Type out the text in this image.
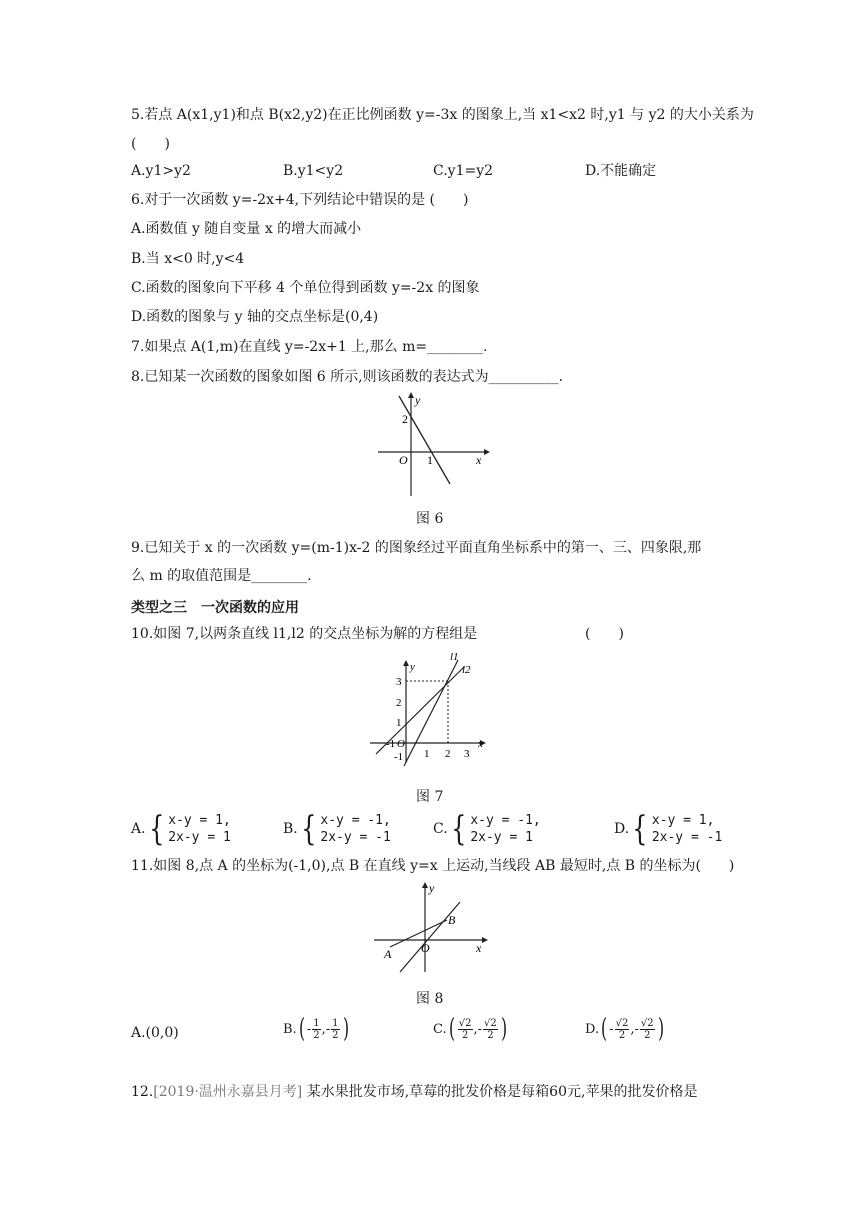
5.若点 A(x1,y1)和点 B(x2,y2)在正比例函数 y=-3x 的图象上,当 x1<x2 时,y1 与 y2 的大小关系为
(　　)
A.y1>y2	B.y1<y2	C.y1=y2	D.不能确定
6.对于一次函数 y=-2x+4,下列结论中错误的是 (　　)
A.函数值 y 随自变量 x 的增大而减小
B.当 x<0 时,y<4
C.函数的图象向下平移 4 个单位得到函数 y=-2x 的图象
D.函数的图象与 y 轴的交点坐标是(0,4)
7.如果点 A(1,m)在直线 y=-2x+1 上,那么 m=________.
8.已知某一次函数的图象如图 6 所示,则该函数的表达式为__________.
y
x
O
2
1
图 6
9.已知关于 x 的一次函数 y=(m-1)x-2 的图象经过平面直角坐标系中的第一、三、四象限,那
么 m 的取值范围是________.
类型之三　一次函数的应用
10.如图 7,以两条直线 l1,l2 的交点坐标为解的方程组是	(　　)
y
l1
l2
3
2
1
-1 O
1 2 3
-1
x
图 7
A. { x-y = 1,
2x-y = 1
B. { x-y = -1,
2x-y = -1
C. { x-y = -1,
2x-y = 1
D. { x-y = 1,
2x-y = -1
11.如图 8,点 A 的坐标为(-1,0),点 B 在直线 y=x 上运动,当线段 AB 最短时,点 B 的坐标为(　　)
y
x
A O
B
图 8
A.(0,0)	B. ( - 1
2 ,- 1
2 )	C. ( √2
2 ,- √2
2 )	D. ( - √2
2 ,- √2
2 )
12.[2019·温州永嘉县月考] 某水果批发市场,草莓的批发价格是每箱60元,苹果的批发价格是
